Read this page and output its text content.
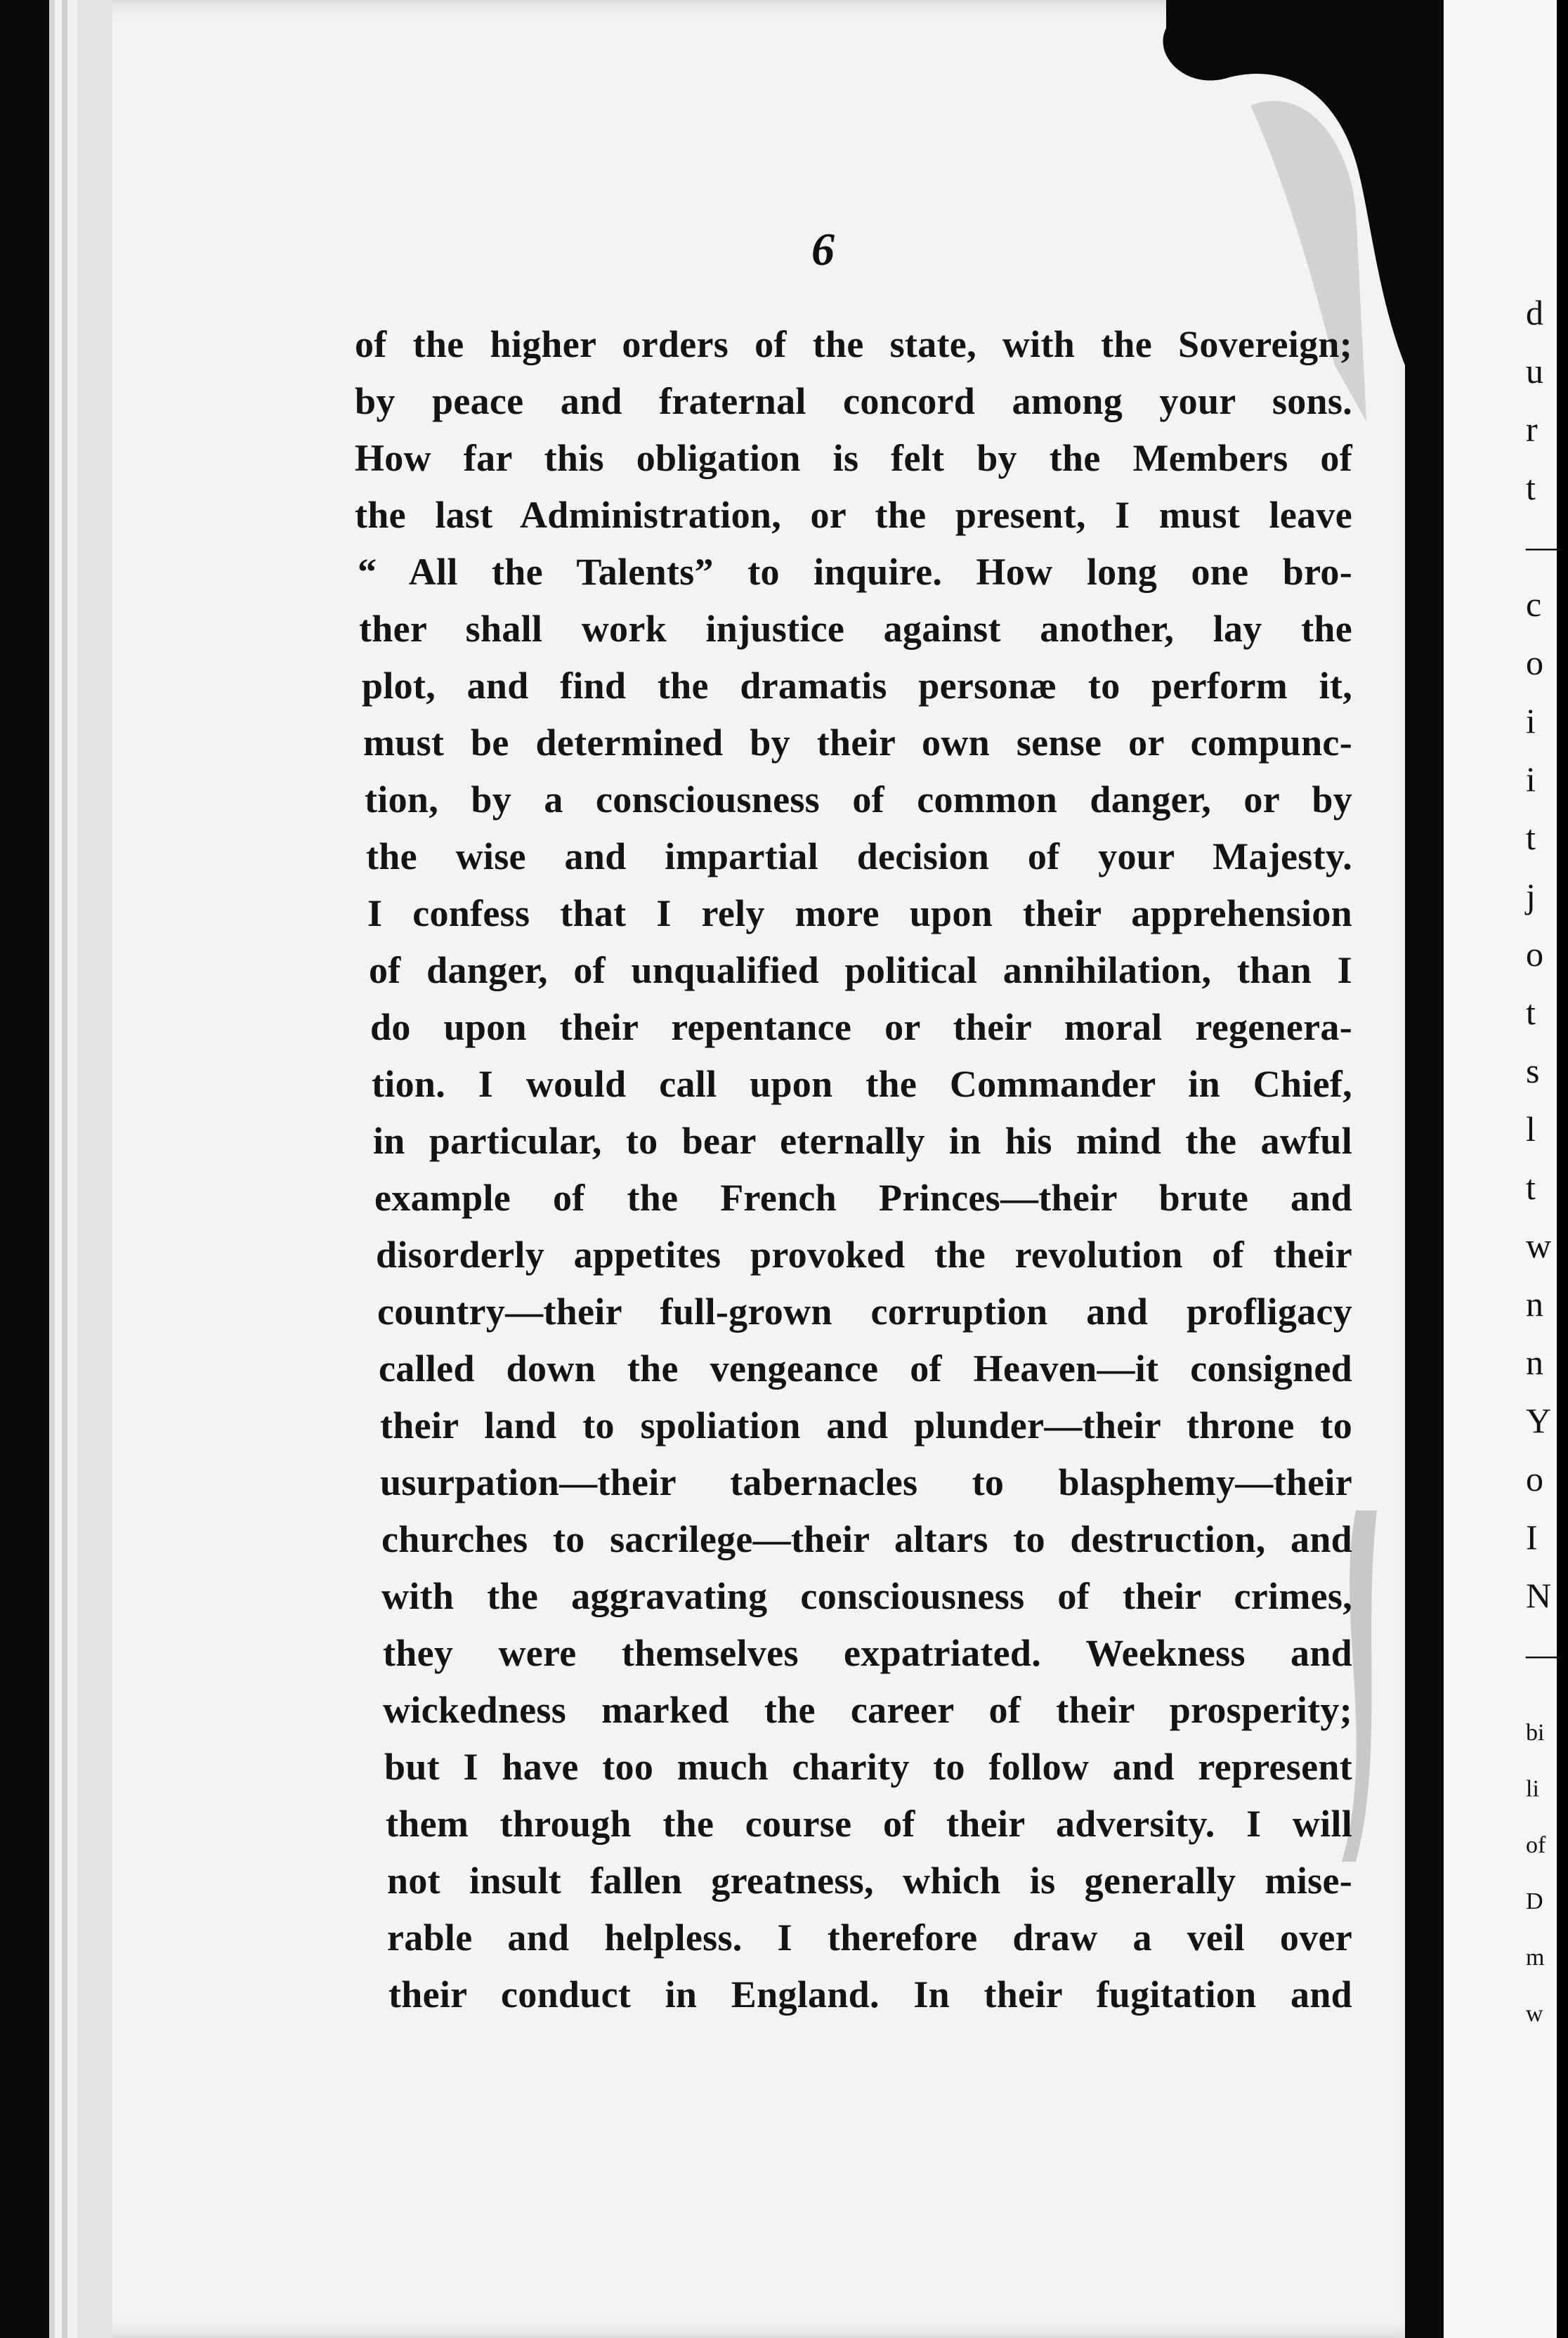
d
u
r
t
—
c
o
i
i
t
j
o
t
s
l
t
w
n
n
Y
o
I
N
—
bi
li
of
D
m
w
6
of the higher orders of the state, with the Sovereign;
by peace and fraternal concord among your sons.
How far this obligation is felt by the Members of
the last Administration, or the present, I must leave
“ All the Talents” to inquire. How long one bro-
ther shall work injustice against another, lay the
plot, and find the dramatis personæ to perform it,
must be determined by their own sense or compunc-
tion, by a consciousness of common danger, or by
the wise and impartial decision of your Majesty.
I confess that I rely more upon their apprehension
of danger, of unqualified political annihilation, than I
do upon their repentance or their moral regenera-
tion. I would call upon the Commander in Chief,
in particular, to bear eternally in his mind the awful
example of the French Princes—their brute and
disorderly appetites provoked the revolution of their
country—their full-grown corruption and profligacy
called down the vengeance of Heaven—it consigned
their land to spoliation and plunder—their throne to
usurpation—their tabernacles to blasphemy—their
churches to sacrilege—their altars to destruction, and
with the aggravating consciousness of their crimes,
they were themselves expatriated. Weekness and
wickedness marked the career of their prosperity;
but I have too much charity to follow and represent
them through the course of their adversity. I will
not insult fallen greatness, which is generally mise-
rable and helpless. I therefore draw a veil over
their conduct in England. In their fugitation and
